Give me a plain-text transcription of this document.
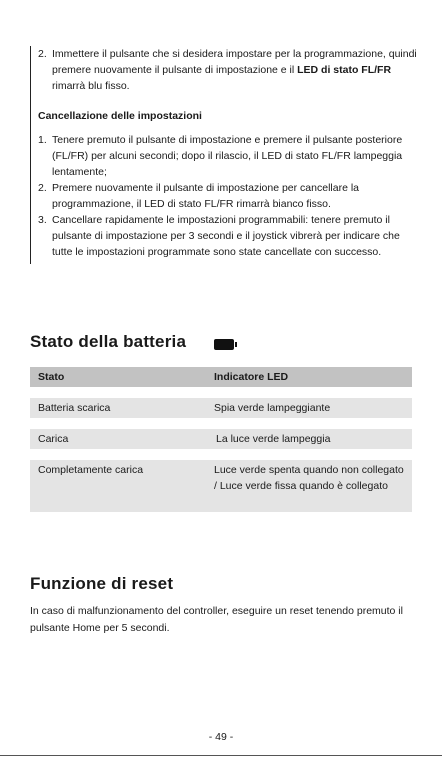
2. Immettere il pulsante che si desidera impostare per la programmazione, quindi premere nuovamente il pulsante di impostazione e il LED di stato FL/FR rimarrà blu fisso.

Cancellazione delle impostazioni

1. Tenere premuto il pulsante di impostazione e premere il pulsante posteriore (FL/FR) per alcuni secondi; dopo il rilascio, il LED di stato FL/FR lampeggia lentamente;

2. Premere nuovamente il pulsante di impostazione per cancellare la programmazione, il LED di stato FL/FR rimarrà bianco fisso.

3. Cancellare rapidamente le impostazioni programmabili: tenere premuto il pulsante di impostazione per 3 secondi e il joystick vibrerà per indicare che tutte le impostazioni programmate sono state cancellate con successo.

Stato della batteria
Stato	Indicatore LED
Batteria scarica	Spia verde lampeggiante
Carica	La luce verde lampeggia
Completamente carica	Luce verde spenta quando non collegato / Luce verde fissa quando è collegato
Funzione di reset
In caso di malfunzionamento del controller, eseguire un reset tenendo premuto il pulsante Home per 5 secondi.
- 49 -
